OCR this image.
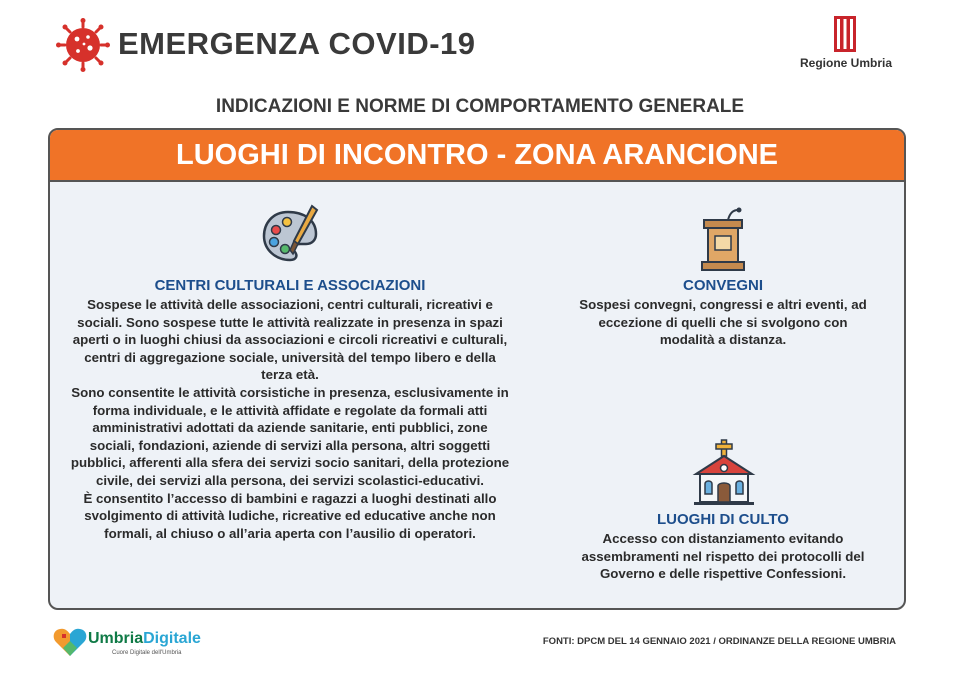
EMERGENZA COVID-19
Regione Umbria
INDICAZIONI E NORME DI COMPORTAMENTO GENERALE
LUOGHI DI INCONTRO - ZONA ARANCIONE
CENTRI CULTURALI E ASSOCIAZIONI
Sospese le attività delle associazioni, centri culturali, ricreativi e sociali. Sono sospese tutte le attività realizzate in presenza in spazi aperti o in luoghi chiusi da associazioni e circoli ricreativi e culturali, centri di aggregazione sociale, università del tempo libero e della terza età.
Sono consentite le attività corsistiche in presenza, esclusivamente in forma individuale, e le attività affidate e regolate da formali atti amministrativi adottati da aziende sanitarie, enti pubblici, zone sociali, fondazioni, aziende di servizi alla persona, altri soggetti pubblici, afferenti alla sfera dei servizi socio sanitari, della protezione civile, dei servizi alla persona, dei servizi scolastici-educativi.
È consentito l’accesso di bambini e ragazzi a luoghi destinati allo svolgimento di attività ludiche, ricreative ed educative anche non formali, al chiuso o all’aria aperta con l’ausilio di operatori.
CONVEGNI
Sospesi convegni, congressi e altri eventi, ad eccezione di quelli che si svolgono con modalità a distanza.
LUOGHI DI CULTO
Accesso con distanziamento evitando assembramenti nel rispetto dei protocolli del Governo e delle rispettive Confessioni.
UmbriaDigitale
Cuore Digitale dell'Umbria
FONTI: DPCM DEL 14 GENNAIO 2021 / ORDINANZE DELLA REGIONE UMBRIA
